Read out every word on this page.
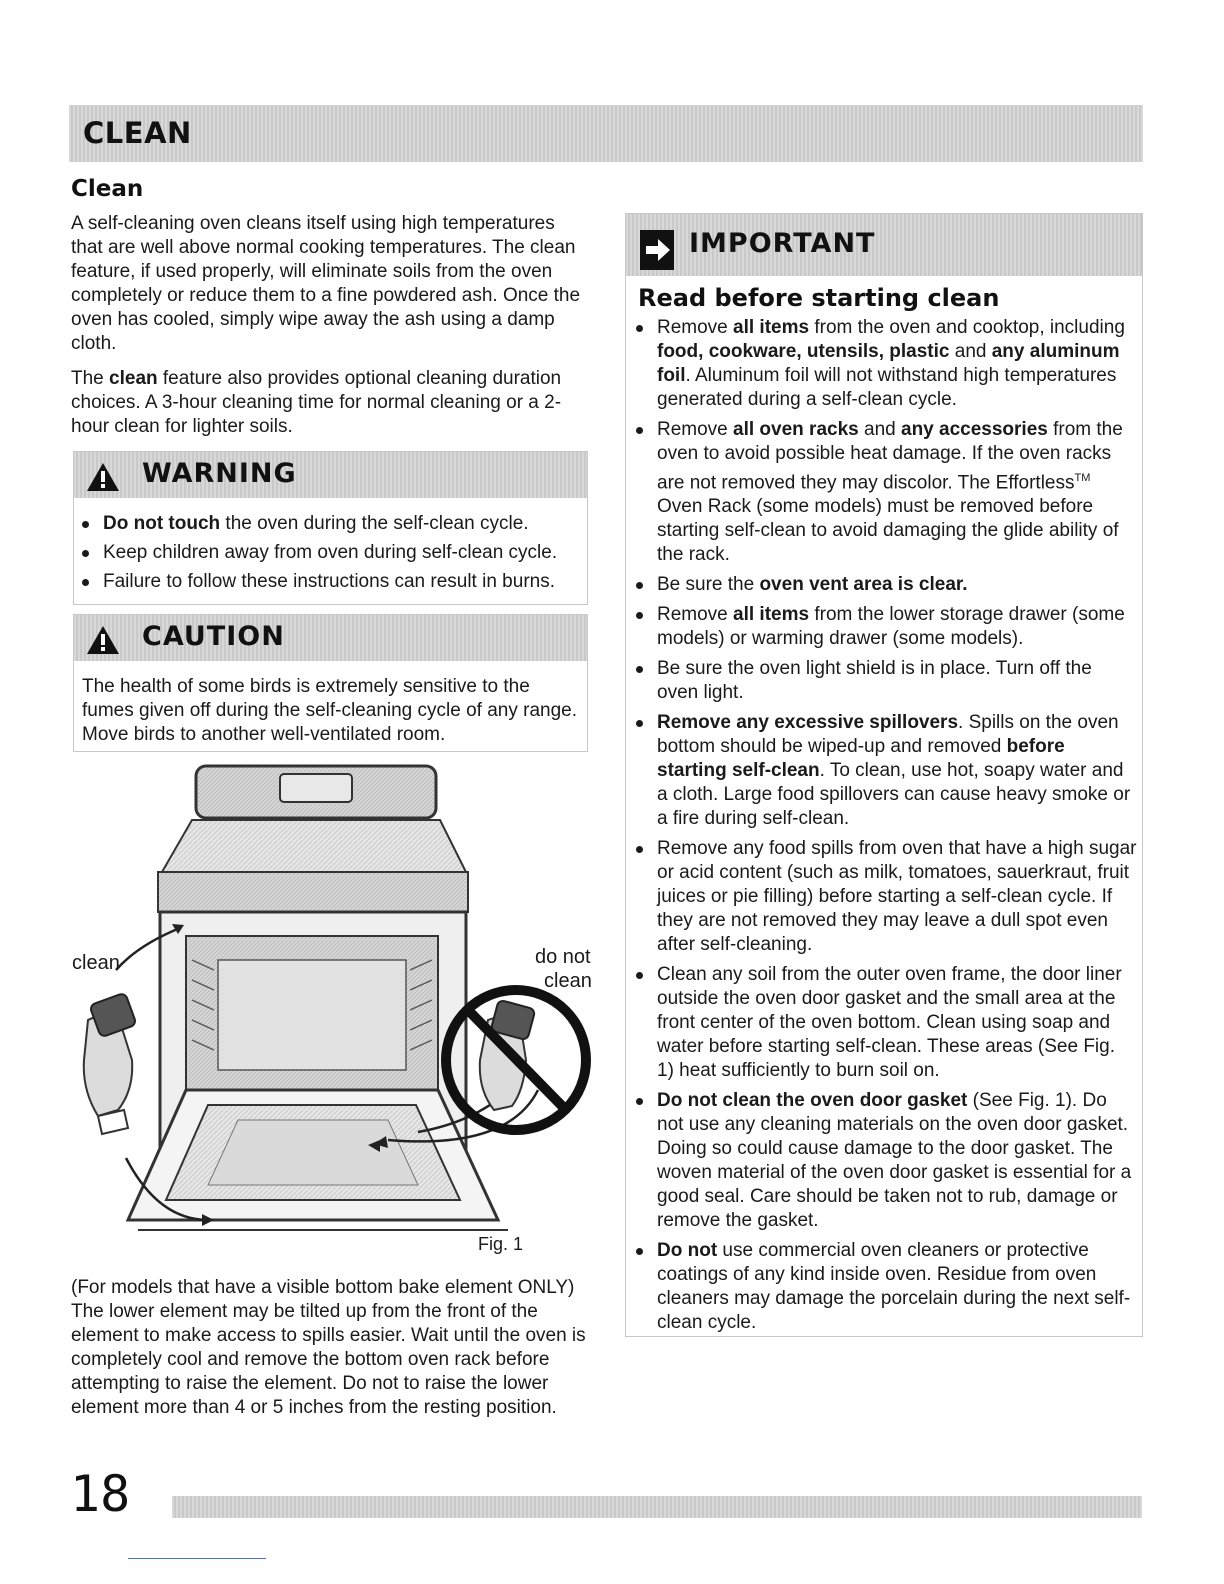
CLEAN
Clean

A self-cleaning oven cleans itself using high temperatures that are well above normal cooking temperatures. The clean feature, if used properly, will eliminate soils from the oven completely or reduce them to a fine powdered ash. Once the oven has cooled, simply wipe away the ash using a damp cloth.

The clean feature also provides optional cleaning duration choices. A 3-hour cleaning time for normal cleaning or a 2-hour clean for lighter soils.

WARNING
Do not touch the oven during the self-clean cycle.
Keep children away from oven during self-clean cycle.
Failure to follow these instructions can result in burns.
CAUTION

The health of some birds is extremely sensitive to the fumes given off during the self-cleaning cycle of any range. Move birds to another well-ventilated room.

clean	do not
clean
Fig. 1

(For models that have a visible bottom bake element ONLY) The lower element may be tilted up from the front of the element to make access to spills easier. Wait until the oven is completely cool and remove the bottom oven rack before attempting to raise the element. Do not to raise the lower element more than 4 or 5 inches from the resting position.

IMPORTANT
Read before starting clean
Remove all items from the oven and cooktop, including food, cookware, utensils, plastic and any aluminum foil. Aluminum foil will not withstand high temperatures generated during a self-clean cycle.
Remove all oven racks and any accessories from the oven to avoid possible heat damage. If the oven racks are not removed they may discolor. The Effortless™ Oven Rack (some models) must be removed before starting self-clean to avoid damaging the glide ability of the rack.
Be sure the oven vent area is clear.
Remove all items from the lower storage drawer (some models) or warming drawer (some models).
Be sure the oven light shield is in place. Turn off the oven light.
Remove any excessive spillovers. Spills on the oven bottom should be wiped-up and removed before starting self-clean. To clean, use hot, soapy water and a cloth. Large food spillovers can cause heavy smoke or a fire during self-clean.
Remove any food spills from oven that have a high sugar or acid content (such as milk, tomatoes, sauerkraut, fruit juices or pie filling) before starting a self-clean cycle. If they are not removed they may leave a dull spot even after self-cleaning.
Clean any soil from the outer oven frame, the door liner outside the oven door gasket and the small area at the front center of the oven bottom. Clean using soap and water before starting self-clean. These areas (See Fig. 1) heat sufficiently to burn soil on.
Do not clean the oven door gasket (See Fig. 1). Do not use any cleaning materials on the oven door gasket. Doing so could cause damage to the door gasket. The woven material of the oven door gasket is essential for a good seal. Care should be taken not to rub, damage or remove the gasket.
Do not use commercial oven cleaners or protective coatings of any kind inside oven. Residue from oven cleaners may damage the porcelain during the next self-clean cycle.
18
